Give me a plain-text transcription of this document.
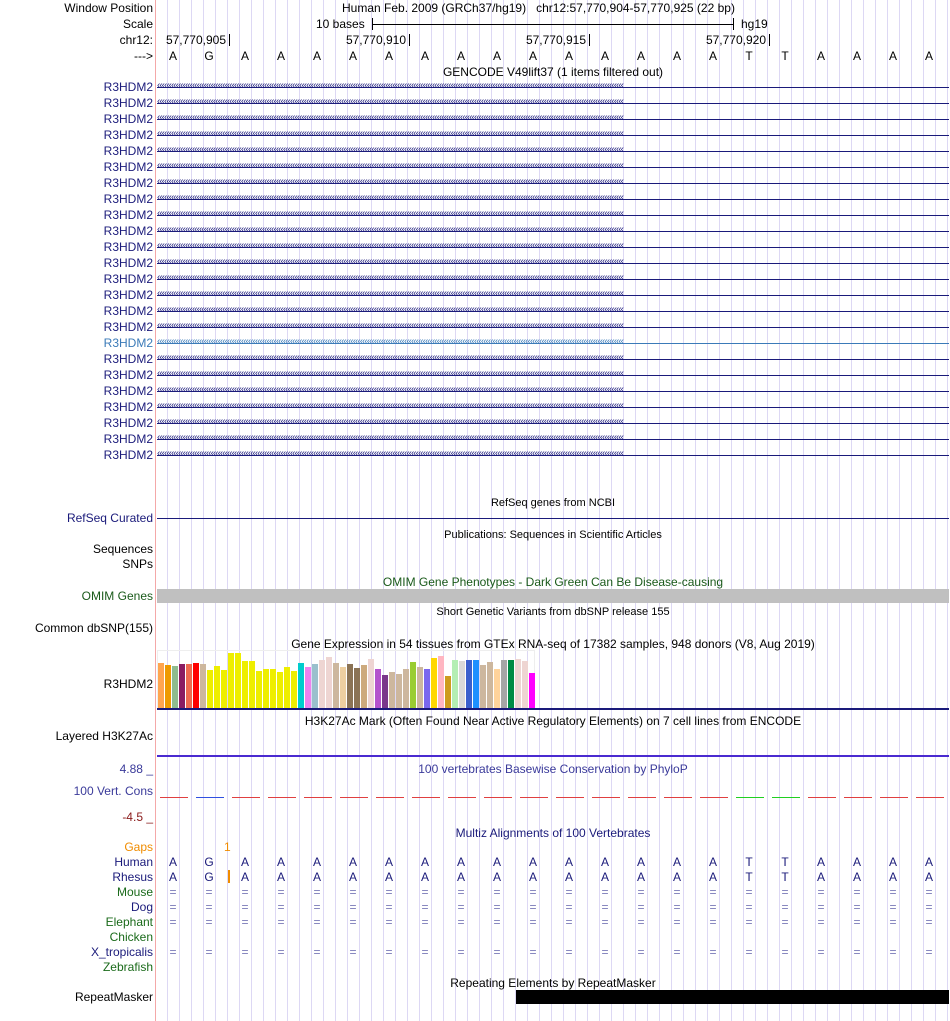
Window Position
Scale
chr12:
--->
Human Feb. 2009 (GRCh37/hg19) chr12:57,770,904-57,770,925 (22 bp)
10 bases	hg19
57,770,905	57,770,910	57,770,915	57,770,920
A	G	A	A	A	A	A	A	A	A	A	A	A	A	A	A	T	T	A	A	A	A
GENCODE V49lift37 (1 items filtered out)
R3HDM2 ‹‹‹‹‹‹‹‹‹‹‹‹‹‹‹‹‹‹‹‹‹‹‹‹‹‹‹‹‹‹‹‹‹‹‹‹‹‹‹‹‹‹‹‹‹‹‹‹‹‹‹‹‹‹‹‹‹‹‹‹‹‹‹‹‹‹‹‹‹‹‹‹‹‹‹‹‹‹‹‹‹‹‹‹‹‹‹‹‹‹‹‹‹‹‹‹‹‹‹‹‹‹‹‹‹‹‹‹‹‹‹‹‹‹‹‹‹‹‹‹‹‹‹‹‹‹‹‹‹‹‹‹‹‹‹‹‹‹‹‹‹‹‹‹‹‹‹‹‹‹‹‹‹‹‹‹‹‹‹‹‹‹‹‹‹‹‹‹‹‹‹‹‹‹‹‹‹‹‹‹‹‹‹‹‹‹‹‹‹‹‹‹‹‹‹‹‹‹‹‹
R3HDM2 ‹‹‹‹‹‹‹‹‹‹‹‹‹‹‹‹‹‹‹‹‹‹‹‹‹‹‹‹‹‹‹‹‹‹‹‹‹‹‹‹‹‹‹‹‹‹‹‹‹‹‹‹‹‹‹‹‹‹‹‹‹‹‹‹‹‹‹‹‹‹‹‹‹‹‹‹‹‹‹‹‹‹‹‹‹‹‹‹‹‹‹‹‹‹‹‹‹‹‹‹‹‹‹‹‹‹‹‹‹‹‹‹‹‹‹‹‹‹‹‹‹‹‹‹‹‹‹‹‹‹‹‹‹‹‹‹‹‹‹‹‹‹‹‹‹‹‹‹‹‹‹‹‹‹‹‹‹‹‹‹‹‹‹‹‹‹‹‹‹‹‹‹‹‹‹‹‹‹‹‹‹‹‹‹‹‹‹‹‹‹‹‹‹‹‹‹‹‹‹‹
R3HDM2 ‹‹‹‹‹‹‹‹‹‹‹‹‹‹‹‹‹‹‹‹‹‹‹‹‹‹‹‹‹‹‹‹‹‹‹‹‹‹‹‹‹‹‹‹‹‹‹‹‹‹‹‹‹‹‹‹‹‹‹‹‹‹‹‹‹‹‹‹‹‹‹‹‹‹‹‹‹‹‹‹‹‹‹‹‹‹‹‹‹‹‹‹‹‹‹‹‹‹‹‹‹‹‹‹‹‹‹‹‹‹‹‹‹‹‹‹‹‹‹‹‹‹‹‹‹‹‹‹‹‹‹‹‹‹‹‹‹‹‹‹‹‹‹‹‹‹‹‹‹‹‹‹‹‹‹‹‹‹‹‹‹‹‹‹‹‹‹‹‹‹‹‹‹‹‹‹‹‹‹‹‹‹‹‹‹‹‹‹‹‹‹‹‹‹‹‹‹‹‹‹
R3HDM2 ‹‹‹‹‹‹‹‹‹‹‹‹‹‹‹‹‹‹‹‹‹‹‹‹‹‹‹‹‹‹‹‹‹‹‹‹‹‹‹‹‹‹‹‹‹‹‹‹‹‹‹‹‹‹‹‹‹‹‹‹‹‹‹‹‹‹‹‹‹‹‹‹‹‹‹‹‹‹‹‹‹‹‹‹‹‹‹‹‹‹‹‹‹‹‹‹‹‹‹‹‹‹‹‹‹‹‹‹‹‹‹‹‹‹‹‹‹‹‹‹‹‹‹‹‹‹‹‹‹‹‹‹‹‹‹‹‹‹‹‹‹‹‹‹‹‹‹‹‹‹‹‹‹‹‹‹‹‹‹‹‹‹‹‹‹‹‹‹‹‹‹‹‹‹‹‹‹‹‹‹‹‹‹‹‹‹‹‹‹‹‹‹‹‹‹‹‹‹‹‹
R3HDM2 ‹‹‹‹‹‹‹‹‹‹‹‹‹‹‹‹‹‹‹‹‹‹‹‹‹‹‹‹‹‹‹‹‹‹‹‹‹‹‹‹‹‹‹‹‹‹‹‹‹‹‹‹‹‹‹‹‹‹‹‹‹‹‹‹‹‹‹‹‹‹‹‹‹‹‹‹‹‹‹‹‹‹‹‹‹‹‹‹‹‹‹‹‹‹‹‹‹‹‹‹‹‹‹‹‹‹‹‹‹‹‹‹‹‹‹‹‹‹‹‹‹‹‹‹‹‹‹‹‹‹‹‹‹‹‹‹‹‹‹‹‹‹‹‹‹‹‹‹‹‹‹‹‹‹‹‹‹‹‹‹‹‹‹‹‹‹‹‹‹‹‹‹‹‹‹‹‹‹‹‹‹‹‹‹‹‹‹‹‹‹‹‹‹‹‹‹‹‹‹‹
R3HDM2 ‹‹‹‹‹‹‹‹‹‹‹‹‹‹‹‹‹‹‹‹‹‹‹‹‹‹‹‹‹‹‹‹‹‹‹‹‹‹‹‹‹‹‹‹‹‹‹‹‹‹‹‹‹‹‹‹‹‹‹‹‹‹‹‹‹‹‹‹‹‹‹‹‹‹‹‹‹‹‹‹‹‹‹‹‹‹‹‹‹‹‹‹‹‹‹‹‹‹‹‹‹‹‹‹‹‹‹‹‹‹‹‹‹‹‹‹‹‹‹‹‹‹‹‹‹‹‹‹‹‹‹‹‹‹‹‹‹‹‹‹‹‹‹‹‹‹‹‹‹‹‹‹‹‹‹‹‹‹‹‹‹‹‹‹‹‹‹‹‹‹‹‹‹‹‹‹‹‹‹‹‹‹‹‹‹‹‹‹‹‹‹‹‹‹‹‹‹‹‹‹
R3HDM2 ‹‹‹‹‹‹‹‹‹‹‹‹‹‹‹‹‹‹‹‹‹‹‹‹‹‹‹‹‹‹‹‹‹‹‹‹‹‹‹‹‹‹‹‹‹‹‹‹‹‹‹‹‹‹‹‹‹‹‹‹‹‹‹‹‹‹‹‹‹‹‹‹‹‹‹‹‹‹‹‹‹‹‹‹‹‹‹‹‹‹‹‹‹‹‹‹‹‹‹‹‹‹‹‹‹‹‹‹‹‹‹‹‹‹‹‹‹‹‹‹‹‹‹‹‹‹‹‹‹‹‹‹‹‹‹‹‹‹‹‹‹‹‹‹‹‹‹‹‹‹‹‹‹‹‹‹‹‹‹‹‹‹‹‹‹‹‹‹‹‹‹‹‹‹‹‹‹‹‹‹‹‹‹‹‹‹‹‹‹‹‹‹‹‹‹‹‹‹‹‹
R3HDM2 ‹‹‹‹‹‹‹‹‹‹‹‹‹‹‹‹‹‹‹‹‹‹‹‹‹‹‹‹‹‹‹‹‹‹‹‹‹‹‹‹‹‹‹‹‹‹‹‹‹‹‹‹‹‹‹‹‹‹‹‹‹‹‹‹‹‹‹‹‹‹‹‹‹‹‹‹‹‹‹‹‹‹‹‹‹‹‹‹‹‹‹‹‹‹‹‹‹‹‹‹‹‹‹‹‹‹‹‹‹‹‹‹‹‹‹‹‹‹‹‹‹‹‹‹‹‹‹‹‹‹‹‹‹‹‹‹‹‹‹‹‹‹‹‹‹‹‹‹‹‹‹‹‹‹‹‹‹‹‹‹‹‹‹‹‹‹‹‹‹‹‹‹‹‹‹‹‹‹‹‹‹‹‹‹‹‹‹‹‹‹‹‹‹‹‹‹‹‹‹‹
R3HDM2 ‹‹‹‹‹‹‹‹‹‹‹‹‹‹‹‹‹‹‹‹‹‹‹‹‹‹‹‹‹‹‹‹‹‹‹‹‹‹‹‹‹‹‹‹‹‹‹‹‹‹‹‹‹‹‹‹‹‹‹‹‹‹‹‹‹‹‹‹‹‹‹‹‹‹‹‹‹‹‹‹‹‹‹‹‹‹‹‹‹‹‹‹‹‹‹‹‹‹‹‹‹‹‹‹‹‹‹‹‹‹‹‹‹‹‹‹‹‹‹‹‹‹‹‹‹‹‹‹‹‹‹‹‹‹‹‹‹‹‹‹‹‹‹‹‹‹‹‹‹‹‹‹‹‹‹‹‹‹‹‹‹‹‹‹‹‹‹‹‹‹‹‹‹‹‹‹‹‹‹‹‹‹‹‹‹‹‹‹‹‹‹‹‹‹‹‹‹‹‹‹
R3HDM2 ‹‹‹‹‹‹‹‹‹‹‹‹‹‹‹‹‹‹‹‹‹‹‹‹‹‹‹‹‹‹‹‹‹‹‹‹‹‹‹‹‹‹‹‹‹‹‹‹‹‹‹‹‹‹‹‹‹‹‹‹‹‹‹‹‹‹‹‹‹‹‹‹‹‹‹‹‹‹‹‹‹‹‹‹‹‹‹‹‹‹‹‹‹‹‹‹‹‹‹‹‹‹‹‹‹‹‹‹‹‹‹‹‹‹‹‹‹‹‹‹‹‹‹‹‹‹‹‹‹‹‹‹‹‹‹‹‹‹‹‹‹‹‹‹‹‹‹‹‹‹‹‹‹‹‹‹‹‹‹‹‹‹‹‹‹‹‹‹‹‹‹‹‹‹‹‹‹‹‹‹‹‹‹‹‹‹‹‹‹‹‹‹‹‹‹‹‹‹‹‹
R3HDM2 ‹‹‹‹‹‹‹‹‹‹‹‹‹‹‹‹‹‹‹‹‹‹‹‹‹‹‹‹‹‹‹‹‹‹‹‹‹‹‹‹‹‹‹‹‹‹‹‹‹‹‹‹‹‹‹‹‹‹‹‹‹‹‹‹‹‹‹‹‹‹‹‹‹‹‹‹‹‹‹‹‹‹‹‹‹‹‹‹‹‹‹‹‹‹‹‹‹‹‹‹‹‹‹‹‹‹‹‹‹‹‹‹‹‹‹‹‹‹‹‹‹‹‹‹‹‹‹‹‹‹‹‹‹‹‹‹‹‹‹‹‹‹‹‹‹‹‹‹‹‹‹‹‹‹‹‹‹‹‹‹‹‹‹‹‹‹‹‹‹‹‹‹‹‹‹‹‹‹‹‹‹‹‹‹‹‹‹‹‹‹‹‹‹‹‹‹‹‹‹‹
R3HDM2 ‹‹‹‹‹‹‹‹‹‹‹‹‹‹‹‹‹‹‹‹‹‹‹‹‹‹‹‹‹‹‹‹‹‹‹‹‹‹‹‹‹‹‹‹‹‹‹‹‹‹‹‹‹‹‹‹‹‹‹‹‹‹‹‹‹‹‹‹‹‹‹‹‹‹‹‹‹‹‹‹‹‹‹‹‹‹‹‹‹‹‹‹‹‹‹‹‹‹‹‹‹‹‹‹‹‹‹‹‹‹‹‹‹‹‹‹‹‹‹‹‹‹‹‹‹‹‹‹‹‹‹‹‹‹‹‹‹‹‹‹‹‹‹‹‹‹‹‹‹‹‹‹‹‹‹‹‹‹‹‹‹‹‹‹‹‹‹‹‹‹‹‹‹‹‹‹‹‹‹‹‹‹‹‹‹‹‹‹‹‹‹‹‹‹‹‹‹‹‹‹
R3HDM2 ‹‹‹‹‹‹‹‹‹‹‹‹‹‹‹‹‹‹‹‹‹‹‹‹‹‹‹‹‹‹‹‹‹‹‹‹‹‹‹‹‹‹‹‹‹‹‹‹‹‹‹‹‹‹‹‹‹‹‹‹‹‹‹‹‹‹‹‹‹‹‹‹‹‹‹‹‹‹‹‹‹‹‹‹‹‹‹‹‹‹‹‹‹‹‹‹‹‹‹‹‹‹‹‹‹‹‹‹‹‹‹‹‹‹‹‹‹‹‹‹‹‹‹‹‹‹‹‹‹‹‹‹‹‹‹‹‹‹‹‹‹‹‹‹‹‹‹‹‹‹‹‹‹‹‹‹‹‹‹‹‹‹‹‹‹‹‹‹‹‹‹‹‹‹‹‹‹‹‹‹‹‹‹‹‹‹‹‹‹‹‹‹‹‹‹‹‹‹‹‹
R3HDM2 ‹‹‹‹‹‹‹‹‹‹‹‹‹‹‹‹‹‹‹‹‹‹‹‹‹‹‹‹‹‹‹‹‹‹‹‹‹‹‹‹‹‹‹‹‹‹‹‹‹‹‹‹‹‹‹‹‹‹‹‹‹‹‹‹‹‹‹‹‹‹‹‹‹‹‹‹‹‹‹‹‹‹‹‹‹‹‹‹‹‹‹‹‹‹‹‹‹‹‹‹‹‹‹‹‹‹‹‹‹‹‹‹‹‹‹‹‹‹‹‹‹‹‹‹‹‹‹‹‹‹‹‹‹‹‹‹‹‹‹‹‹‹‹‹‹‹‹‹‹‹‹‹‹‹‹‹‹‹‹‹‹‹‹‹‹‹‹‹‹‹‹‹‹‹‹‹‹‹‹‹‹‹‹‹‹‹‹‹‹‹‹‹‹‹‹‹‹‹‹‹
R3HDM2 ‹‹‹‹‹‹‹‹‹‹‹‹‹‹‹‹‹‹‹‹‹‹‹‹‹‹‹‹‹‹‹‹‹‹‹‹‹‹‹‹‹‹‹‹‹‹‹‹‹‹‹‹‹‹‹‹‹‹‹‹‹‹‹‹‹‹‹‹‹‹‹‹‹‹‹‹‹‹‹‹‹‹‹‹‹‹‹‹‹‹‹‹‹‹‹‹‹‹‹‹‹‹‹‹‹‹‹‹‹‹‹‹‹‹‹‹‹‹‹‹‹‹‹‹‹‹‹‹‹‹‹‹‹‹‹‹‹‹‹‹‹‹‹‹‹‹‹‹‹‹‹‹‹‹‹‹‹‹‹‹‹‹‹‹‹‹‹‹‹‹‹‹‹‹‹‹‹‹‹‹‹‹‹‹‹‹‹‹‹‹‹‹‹‹‹‹‹‹‹‹
R3HDM2 ‹‹‹‹‹‹‹‹‹‹‹‹‹‹‹‹‹‹‹‹‹‹‹‹‹‹‹‹‹‹‹‹‹‹‹‹‹‹‹‹‹‹‹‹‹‹‹‹‹‹‹‹‹‹‹‹‹‹‹‹‹‹‹‹‹‹‹‹‹‹‹‹‹‹‹‹‹‹‹‹‹‹‹‹‹‹‹‹‹‹‹‹‹‹‹‹‹‹‹‹‹‹‹‹‹‹‹‹‹‹‹‹‹‹‹‹‹‹‹‹‹‹‹‹‹‹‹‹‹‹‹‹‹‹‹‹‹‹‹‹‹‹‹‹‹‹‹‹‹‹‹‹‹‹‹‹‹‹‹‹‹‹‹‹‹‹‹‹‹‹‹‹‹‹‹‹‹‹‹‹‹‹‹‹‹‹‹‹‹‹‹‹‹‹‹‹‹‹‹‹
R3HDM2 ‹‹‹‹‹‹‹‹‹‹‹‹‹‹‹‹‹‹‹‹‹‹‹‹‹‹‹‹‹‹‹‹‹‹‹‹‹‹‹‹‹‹‹‹‹‹‹‹‹‹‹‹‹‹‹‹‹‹‹‹‹‹‹‹‹‹‹‹‹‹‹‹‹‹‹‹‹‹‹‹‹‹‹‹‹‹‹‹‹‹‹‹‹‹‹‹‹‹‹‹‹‹‹‹‹‹‹‹‹‹‹‹‹‹‹‹‹‹‹‹‹‹‹‹‹‹‹‹‹‹‹‹‹‹‹‹‹‹‹‹‹‹‹‹‹‹‹‹‹‹‹‹‹‹‹‹‹‹‹‹‹‹‹‹‹‹‹‹‹‹‹‹‹‹‹‹‹‹‹‹‹‹‹‹‹‹‹‹‹‹‹‹‹‹‹‹‹‹‹‹
R3HDM2 ‹‹‹‹‹‹‹‹‹‹‹‹‹‹‹‹‹‹‹‹‹‹‹‹‹‹‹‹‹‹‹‹‹‹‹‹‹‹‹‹‹‹‹‹‹‹‹‹‹‹‹‹‹‹‹‹‹‹‹‹‹‹‹‹‹‹‹‹‹‹‹‹‹‹‹‹‹‹‹‹‹‹‹‹‹‹‹‹‹‹‹‹‹‹‹‹‹‹‹‹‹‹‹‹‹‹‹‹‹‹‹‹‹‹‹‹‹‹‹‹‹‹‹‹‹‹‹‹‹‹‹‹‹‹‹‹‹‹‹‹‹‹‹‹‹‹‹‹‹‹‹‹‹‹‹‹‹‹‹‹‹‹‹‹‹‹‹‹‹‹‹‹‹‹‹‹‹‹‹‹‹‹‹‹‹‹‹‹‹‹‹‹‹‹‹‹‹‹‹‹
R3HDM2 ‹‹‹‹‹‹‹‹‹‹‹‹‹‹‹‹‹‹‹‹‹‹‹‹‹‹‹‹‹‹‹‹‹‹‹‹‹‹‹‹‹‹‹‹‹‹‹‹‹‹‹‹‹‹‹‹‹‹‹‹‹‹‹‹‹‹‹‹‹‹‹‹‹‹‹‹‹‹‹‹‹‹‹‹‹‹‹‹‹‹‹‹‹‹‹‹‹‹‹‹‹‹‹‹‹‹‹‹‹‹‹‹‹‹‹‹‹‹‹‹‹‹‹‹‹‹‹‹‹‹‹‹‹‹‹‹‹‹‹‹‹‹‹‹‹‹‹‹‹‹‹‹‹‹‹‹‹‹‹‹‹‹‹‹‹‹‹‹‹‹‹‹‹‹‹‹‹‹‹‹‹‹‹‹‹‹‹‹‹‹‹‹‹‹‹‹‹‹‹‹
R3HDM2 ‹‹‹‹‹‹‹‹‹‹‹‹‹‹‹‹‹‹‹‹‹‹‹‹‹‹‹‹‹‹‹‹‹‹‹‹‹‹‹‹‹‹‹‹‹‹‹‹‹‹‹‹‹‹‹‹‹‹‹‹‹‹‹‹‹‹‹‹‹‹‹‹‹‹‹‹‹‹‹‹‹‹‹‹‹‹‹‹‹‹‹‹‹‹‹‹‹‹‹‹‹‹‹‹‹‹‹‹‹‹‹‹‹‹‹‹‹‹‹‹‹‹‹‹‹‹‹‹‹‹‹‹‹‹‹‹‹‹‹‹‹‹‹‹‹‹‹‹‹‹‹‹‹‹‹‹‹‹‹‹‹‹‹‹‹‹‹‹‹‹‹‹‹‹‹‹‹‹‹‹‹‹‹‹‹‹‹‹‹‹‹‹‹‹‹‹‹‹‹‹
R3HDM2 ‹‹‹‹‹‹‹‹‹‹‹‹‹‹‹‹‹‹‹‹‹‹‹‹‹‹‹‹‹‹‹‹‹‹‹‹‹‹‹‹‹‹‹‹‹‹‹‹‹‹‹‹‹‹‹‹‹‹‹‹‹‹‹‹‹‹‹‹‹‹‹‹‹‹‹‹‹‹‹‹‹‹‹‹‹‹‹‹‹‹‹‹‹‹‹‹‹‹‹‹‹‹‹‹‹‹‹‹‹‹‹‹‹‹‹‹‹‹‹‹‹‹‹‹‹‹‹‹‹‹‹‹‹‹‹‹‹‹‹‹‹‹‹‹‹‹‹‹‹‹‹‹‹‹‹‹‹‹‹‹‹‹‹‹‹‹‹‹‹‹‹‹‹‹‹‹‹‹‹‹‹‹‹‹‹‹‹‹‹‹‹‹‹‹‹‹‹‹‹‹
R3HDM2 ‹‹‹‹‹‹‹‹‹‹‹‹‹‹‹‹‹‹‹‹‹‹‹‹‹‹‹‹‹‹‹‹‹‹‹‹‹‹‹‹‹‹‹‹‹‹‹‹‹‹‹‹‹‹‹‹‹‹‹‹‹‹‹‹‹‹‹‹‹‹‹‹‹‹‹‹‹‹‹‹‹‹‹‹‹‹‹‹‹‹‹‹‹‹‹‹‹‹‹‹‹‹‹‹‹‹‹‹‹‹‹‹‹‹‹‹‹‹‹‹‹‹‹‹‹‹‹‹‹‹‹‹‹‹‹‹‹‹‹‹‹‹‹‹‹‹‹‹‹‹‹‹‹‹‹‹‹‹‹‹‹‹‹‹‹‹‹‹‹‹‹‹‹‹‹‹‹‹‹‹‹‹‹‹‹‹‹‹‹‹‹‹‹‹‹‹‹‹‹‹
R3HDM2 ‹‹‹‹‹‹‹‹‹‹‹‹‹‹‹‹‹‹‹‹‹‹‹‹‹‹‹‹‹‹‹‹‹‹‹‹‹‹‹‹‹‹‹‹‹‹‹‹‹‹‹‹‹‹‹‹‹‹‹‹‹‹‹‹‹‹‹‹‹‹‹‹‹‹‹‹‹‹‹‹‹‹‹‹‹‹‹‹‹‹‹‹‹‹‹‹‹‹‹‹‹‹‹‹‹‹‹‹‹‹‹‹‹‹‹‹‹‹‹‹‹‹‹‹‹‹‹‹‹‹‹‹‹‹‹‹‹‹‹‹‹‹‹‹‹‹‹‹‹‹‹‹‹‹‹‹‹‹‹‹‹‹‹‹‹‹‹‹‹‹‹‹‹‹‹‹‹‹‹‹‹‹‹‹‹‹‹‹‹‹‹‹‹‹‹‹‹‹‹‹
R3HDM2 ‹‹‹‹‹‹‹‹‹‹‹‹‹‹‹‹‹‹‹‹‹‹‹‹‹‹‹‹‹‹‹‹‹‹‹‹‹‹‹‹‹‹‹‹‹‹‹‹‹‹‹‹‹‹‹‹‹‹‹‹‹‹‹‹‹‹‹‹‹‹‹‹‹‹‹‹‹‹‹‹‹‹‹‹‹‹‹‹‹‹‹‹‹‹‹‹‹‹‹‹‹‹‹‹‹‹‹‹‹‹‹‹‹‹‹‹‹‹‹‹‹‹‹‹‹‹‹‹‹‹‹‹‹‹‹‹‹‹‹‹‹‹‹‹‹‹‹‹‹‹‹‹‹‹‹‹‹‹‹‹‹‹‹‹‹‹‹‹‹‹‹‹‹‹‹‹‹‹‹‹‹‹‹‹‹‹‹‹‹‹‹‹‹‹‹‹‹‹‹‹
RefSeq genes from NCBI
RefSeq Curated
Publications: Sequences in Scientific Articles
Sequences
SNPs
OMIM Gene Phenotypes - Dark Green Can Be Disease-causing
OMIM Genes
Short Genetic Variants from dbSNP release 155
Common dbSNP(155)
Gene Expression in 54 tissues from GTEx RNA-seq of 17382 samples, 948 donors (V8, Aug 2019)
R3HDM2
H3K27Ac Mark (Often Found Near Active Regulatory Elements) on 7 cell lines from ENCODE
Layered H3K27Ac
100 vertebrates Basewise Conservation by PhyloP
4.88 _
100 Vert. Cons
-4.5 _
Multiz Alignments of 100 Vertebrates
Gaps	1
Human	A	G	A	A	A	A	A	A	A	A	A	A	A	A	A	A	T	T	A	A	A	A
Rhesus	A	G	A	A	A	A	A	A	A	A	A	A	A	A	A	A	T	T	A	A	A	A
Mouse	=	=	=	=	=	=	=	=	=	=	=	=	=	=	=	=	=	=	=	=	=	=
Dog	=	=	=	=	=	=	=	=	=	=	=	=	=	=	=	=	=	=	=	=	=	=
Elephant	=	=	=	=	=	=	=	=	=	=	=	=	=	=	=	=	=	=	=	=	=	=
Chicken
X_tropicalis	=	=	=	=	=	=	=	=	=	=	=	=	=	=	=	=	=	=	=	=	=	=
Zebrafish
Repeating Elements by RepeatMasker
RepeatMasker
